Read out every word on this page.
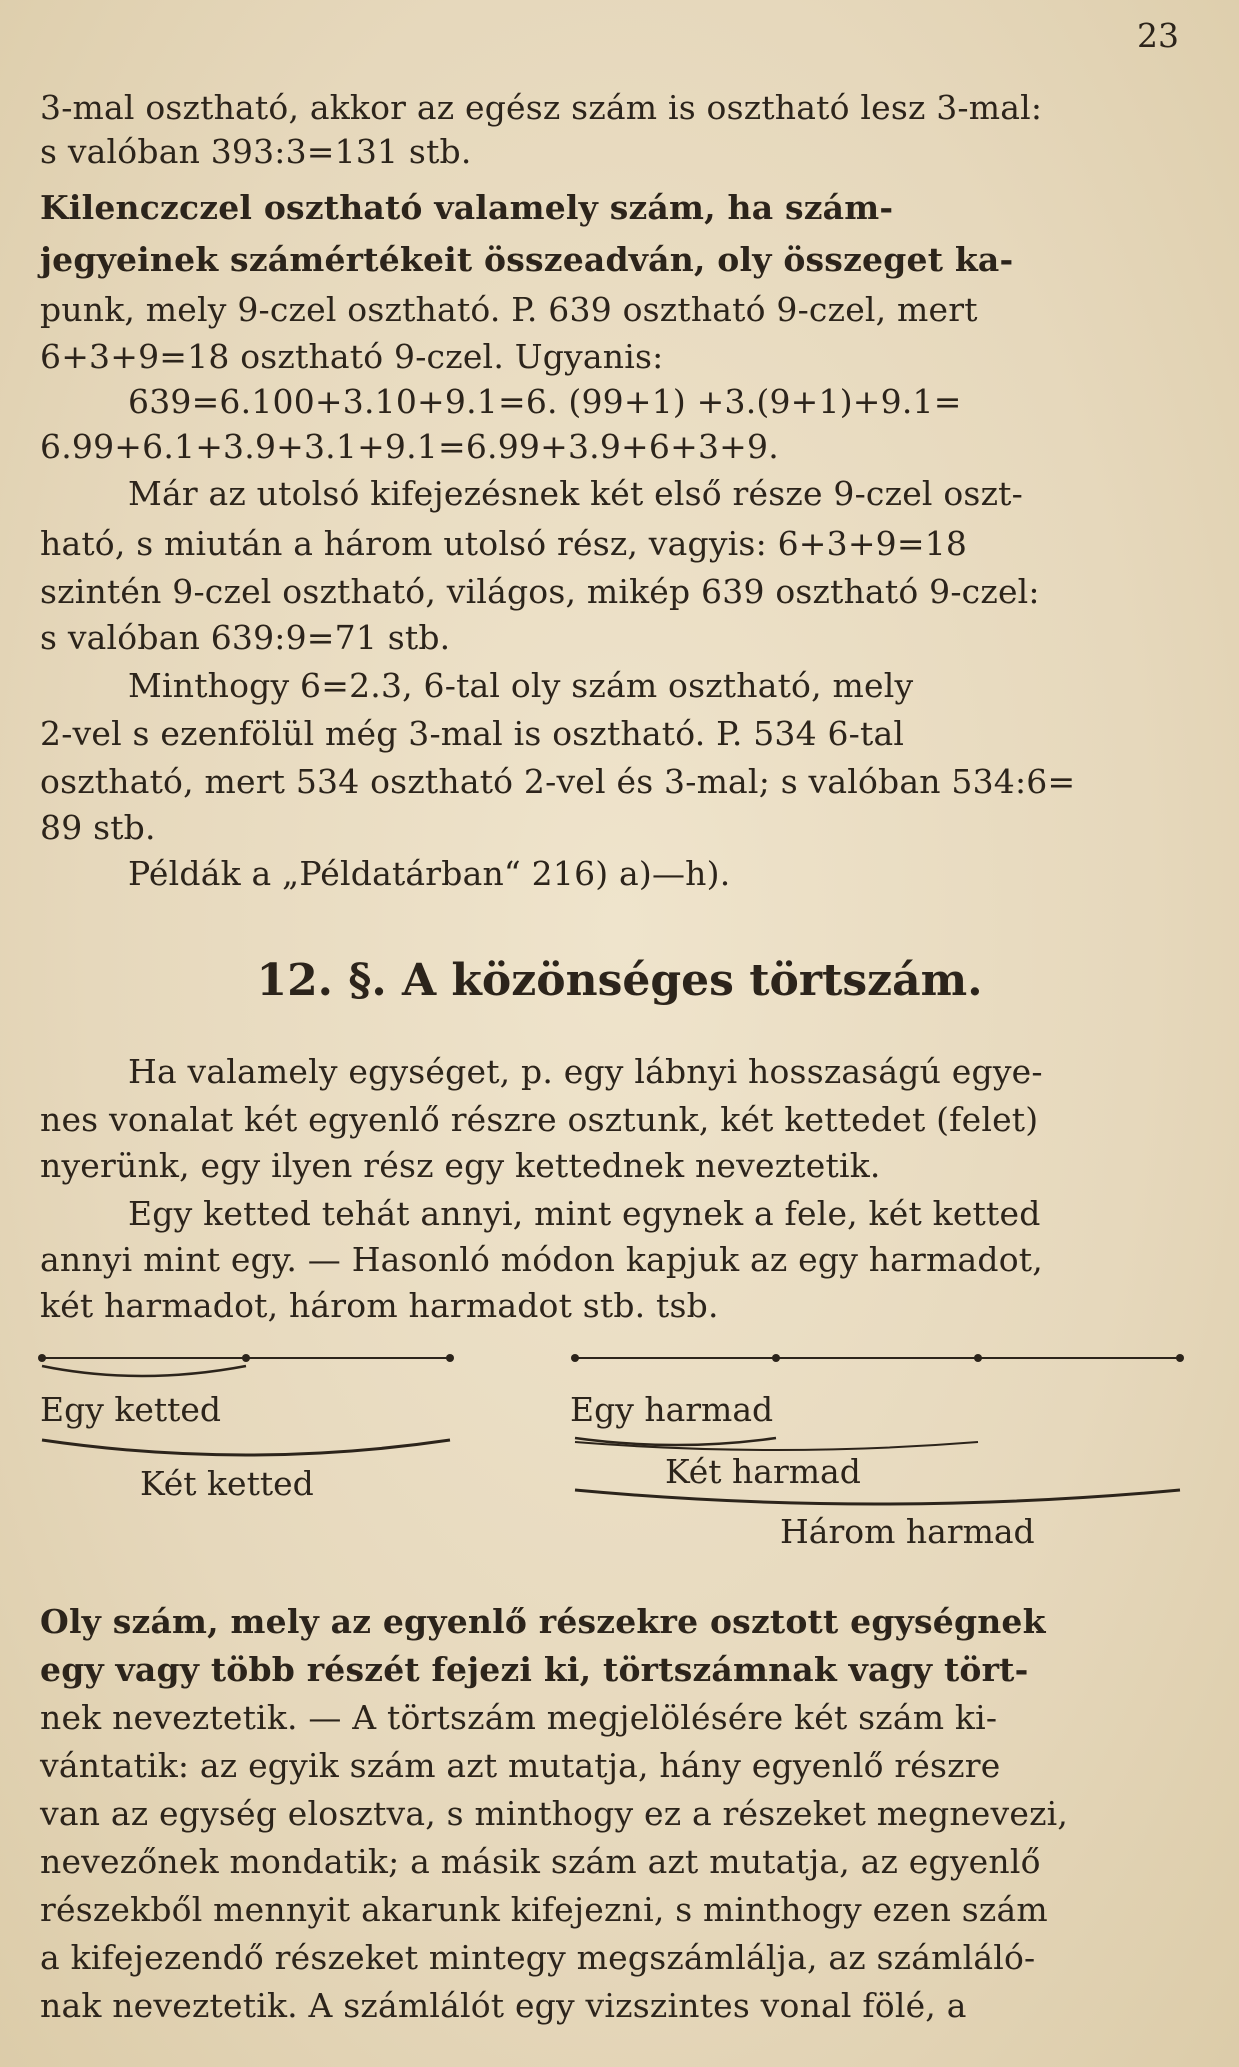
23
3-mal osztható, akkor az egész szám is osztható lesz 3-mal:
s valóban 393:3=131 stb.
Kilenczczel osztható valamely szám, ha szám-
jegyeinek számértékeit összeadván, oly összeget ka-
punk, mely 9-czel osztható. P. 639 osztható 9-czel, mert
6+3+9=18 osztható 9-czel. Ugyanis:
639=6.100+3.10+9.1=6. (99+1) +3.(9+1)+9.1=
6.99+6.1+3.9+3.1+9.1=6.99+3.9+6+3+9.
Már az utolsó kifejezésnek két első része 9-czel oszt-
ható, s miután a három utolsó rész, vagyis: 6+3+9=18
szintén 9-czel osztható, világos, mikép 639 osztható 9-czel:
s valóban 639:9=71 stb.
Minthogy 6=2.3, 6-tal oly szám osztható, mely
2-vel s ezenfölül még 3-mal is osztható. P. 534 6-tal
osztható, mert 534 osztható 2-vel és 3-mal; s valóban 534:6=
89 stb.
Példák a „Példatárban“ 216) a)—h).
12. §. A közönséges törtszám.
Ha valamely egységet, p. egy lábnyi hosszaságú egye-
nes vonalat két egyenlő részre osztunk, két kettedet (felet)
nyerünk, egy ilyen rész egy kettednek neveztetik.
Egy ketted tehát annyi, mint egynek a fele, két ketted
annyi mint egy. — Hasonló módon kapjuk az egy harmadot,
két harmadot, három harmadot stb. tsb.
Egy ketted
Két ketted
Egy harmad
Két harmad
Három harmad
Oly szám, mely az egyenlő részekre osztott egységnek
egy vagy több részét fejezi ki, törtszámnak vagy tört-
nek neveztetik. — A törtszám megjelölésére két szám ki-
vántatik: az egyik szám azt mutatja, hány egyenlő részre
van az egység elosztva, s minthogy ez a részeket megnevezi,
nevezőnek mondatik; a másik szám azt mutatja, az egyenlő
részekből mennyit akarunk kifejezni, s minthogy ezen szám
a kifejezendő részeket mintegy megszámlálja, az számláló-
nak neveztetik. A számlálót egy vizszintes vonal fölé, a
